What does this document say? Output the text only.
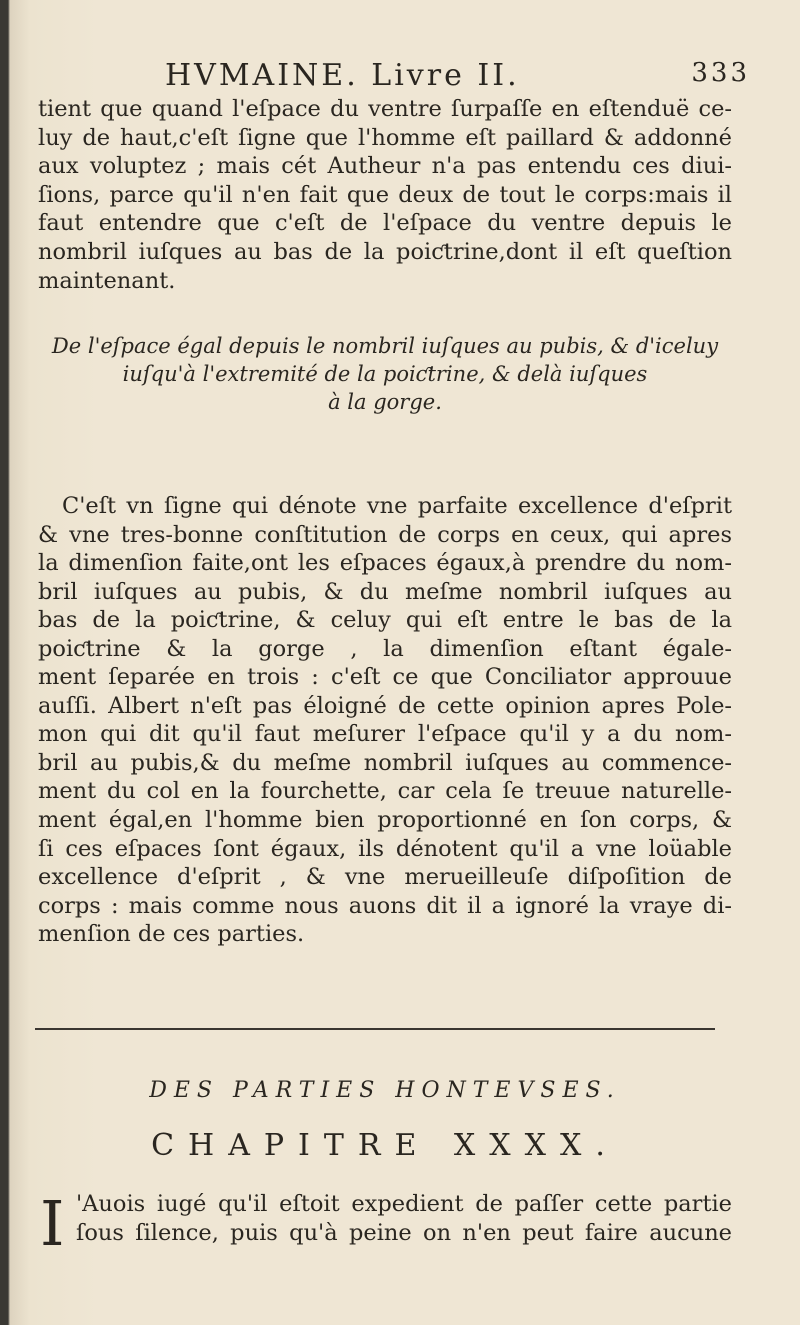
HVMAINE. Livre II.	333
tient que quand l'eſpace du ventre ſurpaſſe en eſtenduë ce-
luy de haut,c'eſt ſigne que l'homme eſt paillard & addonné
aux voluptez ; mais cét Autheur n'a pas entendu ces diui-
ſions, parce qu'il n'en fait que deux de tout le corps:mais il
faut entendre que c'eſt de l'eſpace du ventre depuis le
nombril iuſques au bas de la poiƈtrine,dont il eſt queſtion
maintenant.
De l'eſpace égal depuis le nombril iuſques au pubis, & d'iceluy
iuſqu'à l'extremité de la poiƈtrine, & delà iuſques
à la gorge.
C'eſt vn ſigne qui dénote vne parfaite excellence d'eſprit
& vne tres-bonne conſtitution de corps en ceux, qui apres
la dimenſion faite,ont les eſpaces égaux,à prendre du nom-
bril iuſques au pubis, & du meſme nombril iuſques au
bas de la poiƈtrine, & celuy qui eſt entre le bas de la
poiƈtrine & la gorge , la dimenſion eſtant égale-
ment ſeparée en trois : c'eſt ce que Conciliator approuue
auſſi. Albert n'eſt pas éloigné de cette opinion apres Pole-
mon qui dit qu'il faut meſurer l'eſpace qu'il y a du nom-
bril au pubis,& du meſme nombril iuſques au commence-
ment du col en la fourchette, car cela ſe treuue naturelle-
ment égal,en l'homme bien proportionné en ſon corps, &
ſi ces eſpaces ſont égaux, ils dénotent qu'il a vne loüable
excellence d'eſprit , & vne merueilleuſe diſpoſition de
corps : mais comme nous auons dit il a ignoré la vraye di-
menſion de ces parties.
DES PARTIES HONTEVSES.
CHAPITRE XXXX.
I 'Auois iugé qu'il eſtoit expedient de paſſer cette partie
ſous ſilence, puis qu'à peine on n'en peut faire aucune
